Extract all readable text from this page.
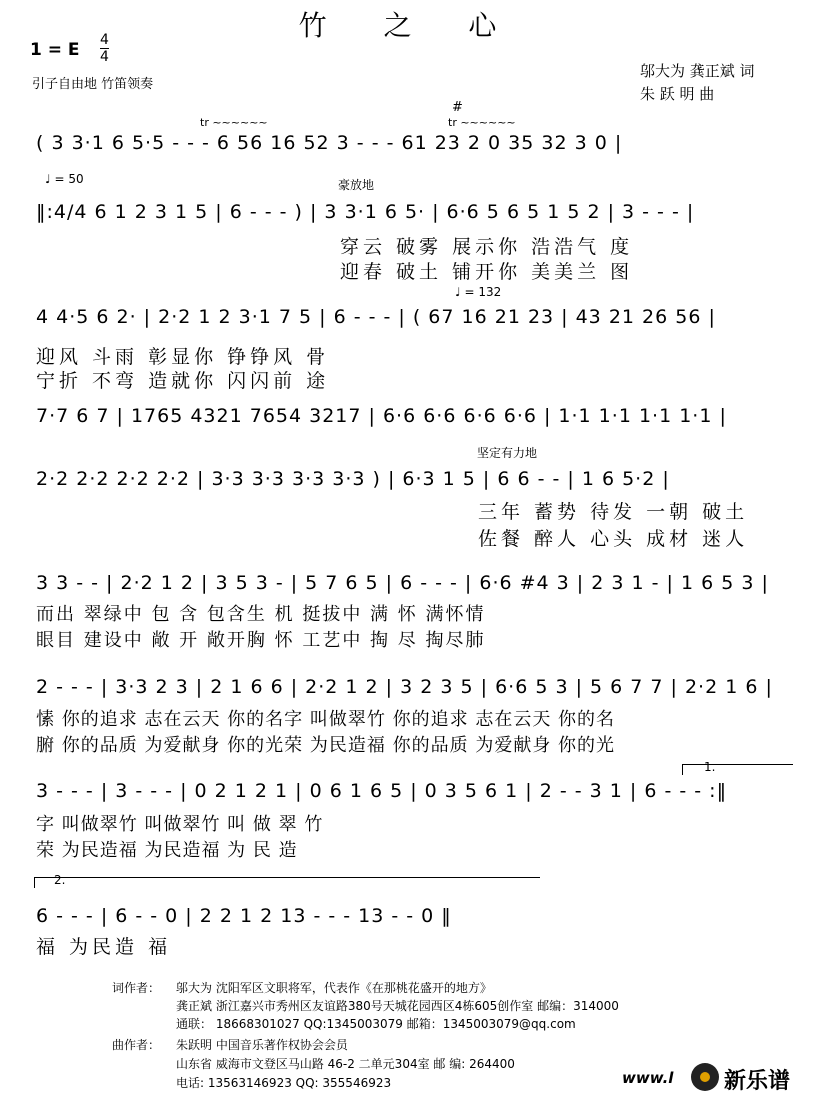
竹 之 心
1 = E $\frac{4}{4}$
引子自由地 竹笛领奏
邬大为 龚正斌 词
朱 跃 明 曲
tr ~~~~~~
#
tr ~~~~~~
♩ = 50	豪放地
♩ = 132
坚定有力地
( 3 3·1 6 5·5 - - - 6 56 16 52 3 - - - 61 23 2 0 35 32 3 0 |
‖:4/4 6 1 2 3 1 5 | 6 - - - ) | 3 3·1 6 5· | 6·6 5 6 5 1 5 2 | 3 - - - |
穿云 破雾 展示你 浩浩气 度
迎春 破土 铺开你 美美兰 图
4 4·5 6 2· | 2·2 1 2 3·1 7 5 | 6 - - - | ( 67 16 21 23 | 43 21 26 56 |
迎风 斗雨 彰显你 铮铮风 骨
宁折 不弯 造就你 闪闪前 途
7·7 6 7 | 1765 4321 7654 3217 | 6·6 6·6 6·6 6·6 | 1·1 1·1 1·1 1·1 |
2·2 2·2 2·2 2·2 | 3·3 3·3 3·3 3·3 ) | 6·3 1 5 | 6 6 - - | 1 6 5·2 |
三年 蓄势 待发 一朝 破土
佐餐 醉人 心头 成材 迷人
3 3 - - | 2·2 1 2 | 3 5 3 - | 5 7 6 5 | 6 - - - | 6·6 #4 3 | 2 3 1 - | 1 6 5 3 |
而出 翠绿中 包 含 包含生 机 挺拔中 满 怀 满怀情
眼目 建设中 敞 开 敞开胸 怀 工艺中 掏 尽 掏尽肺
2 - - - | 3·3 2 3 | 2 1 6 6 | 2·2 1 2 | 3 2 3 5 | 6·6 5 3 | 5 6 7 7 | 2·2 1 6 |
愫 你的追求 志在云天 你的名字 叫做翠竹 你的追求 志在云天 你的名
腑 你的品质 为爱献身 你的光荣 为民造福 你的品质 为爱献身 你的光
1.
3 - - - | 3 - - - | 0 2 1 2 1 | 0 6 1 6 5 | 0 3 5 6 1 | 2 - - 3 1 | 6 - - - :‖
字 叫做翠竹 叫做翠竹 叫 做 翠 竹
荣 为民造福 为民造福 为 民 造
2.
6 - - - | 6 - - 0 | 2 2 1 2 13 - - - 13 - - 0 ‖
福 为民造 福
词作者： 邬大为 沈阳军区文职将军，代表作《在那桃花盛开的地方》
龚正斌 浙江嘉兴市秀州区友谊路380号天城花园西区4栋605创作室 邮编：314000
通联： 18668301027 QQ:1345003079 邮箱：1345003079@qq.com
曲作者： 朱跃明 中国音乐著作权协会会员
山东省 威海市文登区马山路 46-2 二单元304室 邮 编: 264400
电话: 13563146923 QQ: 355546923	www.l 新乐谱
